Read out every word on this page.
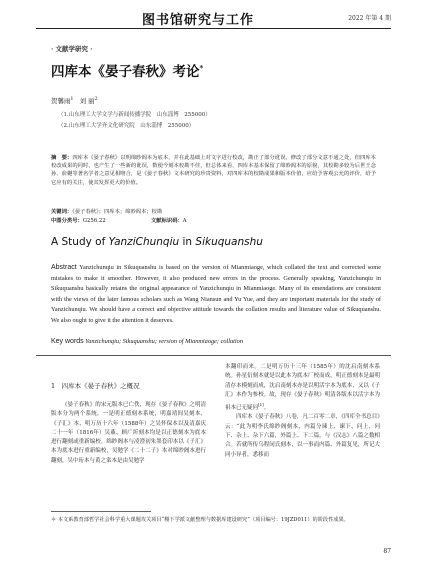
图书馆研究与工作	2022 年第 4 期
· 文献学研究 ·
四库本《晏子春秋》考论*
贺馨雨$^1$ 刘 丽$^2$
（1.山东理工大学文学与新闻传播学院　山东淄博　255000）
（2.山东理工大学齐文化研究院　山东淄博　255000）
摘　要：四库本《晏子春秋》以明绵眇阁本为底本，并在此基础上对文字进行校改，勘正了部分讹误，修改了部分文意不通之处，但四库本校改成果的同时，也产生了一些新的讹误，数使今刻本校勘不佳，但总体来看，四库本基本保留了绵眇阁本的原貌，其校勘多较为后世王念孙、俞樾等著名学者之意见相吻合，是《晏子春秋》文本研究的珍贵资料，对四库本的校勘成果和版本价值，应给予客观公允的评价，给予它应有的关注，使其发挥更大的价值。
关键词：《晏子春秋》；四库本；绵眇阁本；校勘
中图分类号：G256.22	文献标识码：A
A Study of YanziChunqiu in Sikuquanshu
Abstract Yanzichunqiu in Sikuquanshu is based on the version of Mianmiaoge, which collated the text and corrected some mistakes to make it smoother. However, it also produced new errors in the process. Generally speaking, Yanzichunqiu in Sikuquanshu basically retains the original appearance of Yanzichunqiu in Mianmiaoge. Many of its emendations are consistent with the views of the later famous scholars such as Wang Niansun and Yu Yue, and they are important materials for the study of Yanzichunqiu. We should have a correct and objective attitude towards the collation results and literature value of Sikuquanshu. We also ought to give it the attention it deserves.
Key words Yanzichunqiu; Sikuquanshu; version of Mianmiaoge; collation
1　四库本《晏子春秋》之概况
《晏子春秋》的宋元版本已亡佚，现存《晏子春秋》之明清版本分为两个系统，一是明正德刻本系统，明嘉靖间吴刻本、《子汇》本、明万历十六年（1588年）之吴怀保本以及清嘉庆二十一年（1816年）吴鼒、顾广圻刻本均是以正德刻本为底本进行翻刻或重新编校。绵眇阁本与凌澄初朱墨套印本以《子汇》本为底本进行重新编校，吴勉学《二十二子》本对绵眇阁本进行翻刻，吴中珩本与黄之寀本是由吴勉学

本翻印而来。二是明万历十三年（1585年）的沈启南刻本系统。孙星衍刻本就是以此本为底本厂校而成。明正德刻本是最明清存本模刻而成，沈启南刻本亦是以明活字本为底本，又以《子汇》本作为参校。故，现存《晏子春秋》明清各版本以活字本为祖本已无疑问[1]。

四库本《晏子春秋》八卷，凡二百零二章，《四库全书总目》云：“此为明李氏绵眇阁刻本，内篇分谏上、谏下、问上、问下、杂上、杂下六篇，外篇上、下二篇，与《汉志》八篇之数相合。若就所传乌程闵氏刻本，以一事而内篇、外篇复见，所记大同小异者，悉移而

＊ 本文系教育部哲学社会科学重大课题攻关项目“稷下学派文献整理与数据库建设研究”（项目编号：19JZD011）的阶段性成果。
87
